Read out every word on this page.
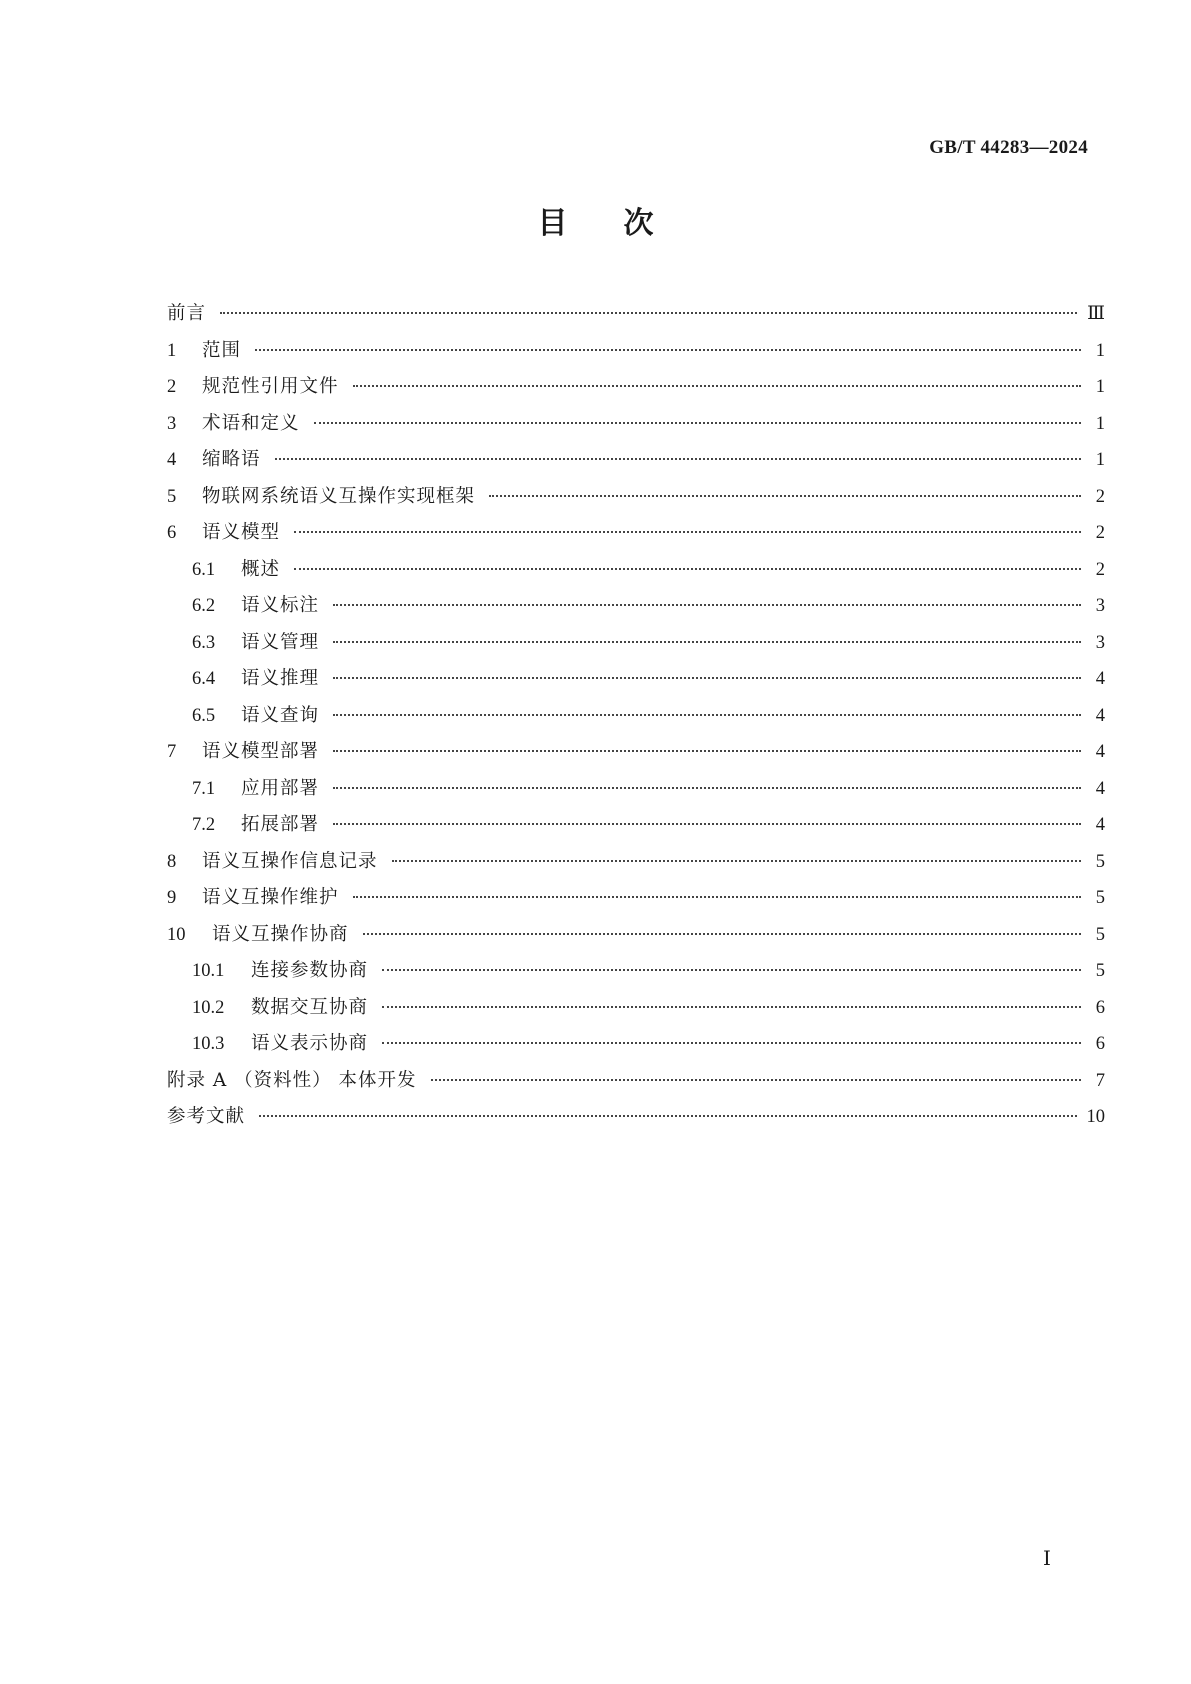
GB/T 44283—2024
目次
前言	Ⅲ
1	范围	1
2	规范性引用文件	1
3	术语和定义	1
4	缩略语	1
5	物联网系统语义互操作实现框架	2
6	语义模型	2
6.1	概述	2
6.2	语义标注	3
6.3	语义管理	3
6.4	语义推理	4
6.5	语义查询	4
7	语义模型部署	4
7.1	应用部署	4
7.2	拓展部署	4
8	语义互操作信息记录	5
9	语义互操作维护	5
10	语义互操作协商	5
10.1	连接参数协商	5
10.2	数据交互协商	6
10.3	语义表示协商	6
附录 A （资料性） 本体开发	7
参考文献	10
Ⅰ
